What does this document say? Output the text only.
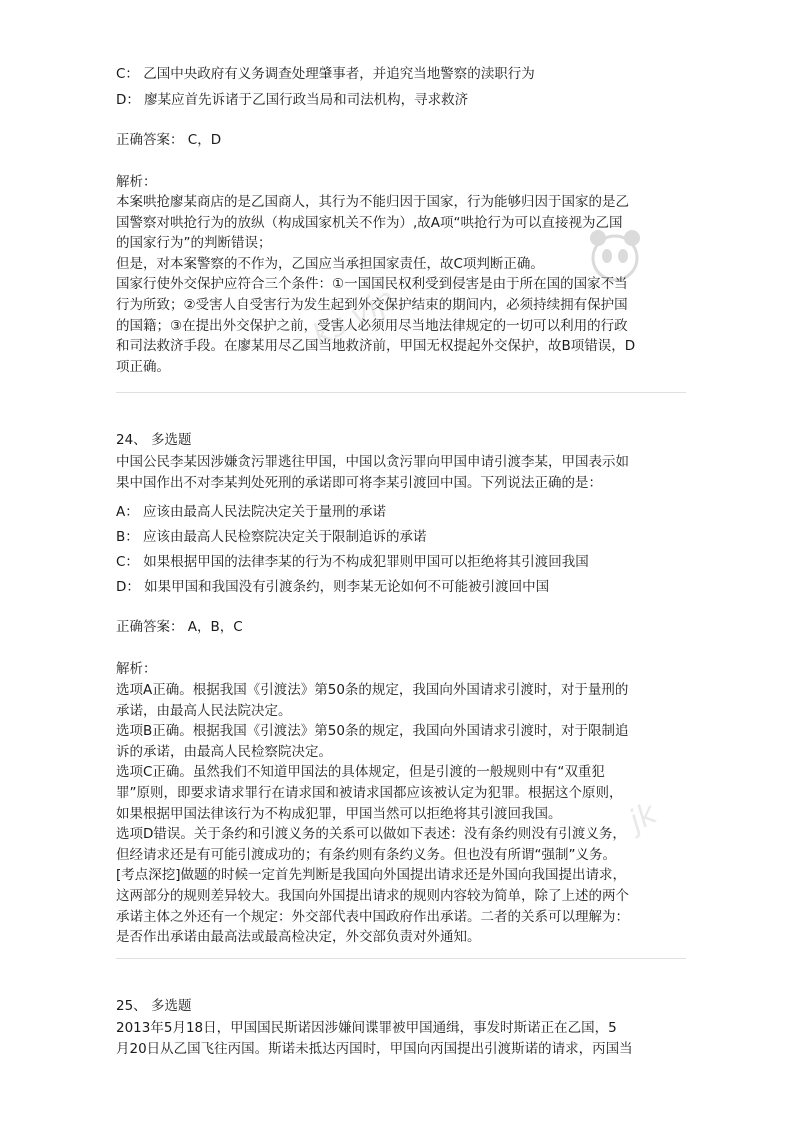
ks.vip
jk
C： 乙国中央政府有义务调查处理肇事者，并追究当地警察的渎职行为
D： 廖某应首先诉诸于乙国行政当局和司法机构，寻求救济
正确答案： C，D
解析：
本案哄抢廖某商店的是乙国商人，其行为不能归因于国家，行为能够归因于国家的是乙
国警察对哄抢行为的放纵（构成国家机关不作为）,故A项“哄抢行为可以直接视为乙国
的国家行为”的判断错误；
但是，对本案警察的不作为，乙国应当承担国家责任，故C项判断正确。
国家行使外交保护应符合三个条件：①一国国民权利受到侵害是由于所在国的国家不当
行为所致；②受害人自受害行为发生起到外交保护结束的期间内，必须持续拥有保护国
的国籍；③在提出外交保护之前，受害人必须用尽当地法律规定的一切可以利用的行政
和司法救济手段。在廖某用尽乙国当地救济前，甲国无权提起外交保护，故B项错误，D
项正确。
24、 多选题
中国公民李某因涉嫌贪污罪逃往甲国，中国以贪污罪向甲国申请引渡李某，甲国表示如
果中国作出不对李某判处死刑的承诺即可将李某引渡回中国。下列说法正确的是：
A： 应该由最高人民法院决定关于量刑的承诺
B： 应该由最高人民检察院决定关于限制追诉的承诺
C： 如果根据甲国的法律李某的行为不构成犯罪则甲国可以拒绝将其引渡回我国
D： 如果甲国和我国没有引渡条约，则李某无论如何不可能被引渡回中国
正确答案： A，B，C
解析：
选项A正确。根据我国《引渡法》第50条的规定，我国向外国请求引渡时，对于量刑的
承诺，由最高人民法院决定。
选项B正确。根据我国《引渡法》第50条的规定，我国向外国请求引渡时，对于限制追
诉的承诺，由最高人民检察院决定。
选项C正确。虽然我们不知道甲国法的具体规定，但是引渡的一般规则中有“双重犯
罪”原则，即要求请求罪行在请求国和被请求国都应该被认定为犯罪。根据这个原则，
如果根据甲国法律该行为不构成犯罪，甲国当然可以拒绝将其引渡回我国。
选项D错误。关于条约和引渡义务的关系可以做如下表述：没有条约则没有引渡义务，
但经请求还是有可能引渡成功的；有条约则有条约义务。但也没有所谓“强制”义务。
[考点深挖]做题的时候一定首先判断是我国向外国提出请求还是外国向我国提出请求，
这两部分的规则差异较大。我国向外国提出请求的规则内容较为简单，除了上述的两个
承诺主体之外还有一个规定：外交部代表中国政府作出承诺。二者的关系可以理解为：
是否作出承诺由最高法或最高检决定，外交部负责对外通知。
25、 多选题
2013年5月18日，甲国国民斯诺因涉嫌间谍罪被甲国通缉，事发时斯诺正在乙国，5
月20日从乙国飞往丙国。斯诺未抵达丙国时，甲国向丙国提出引渡斯诺的请求，丙国当
